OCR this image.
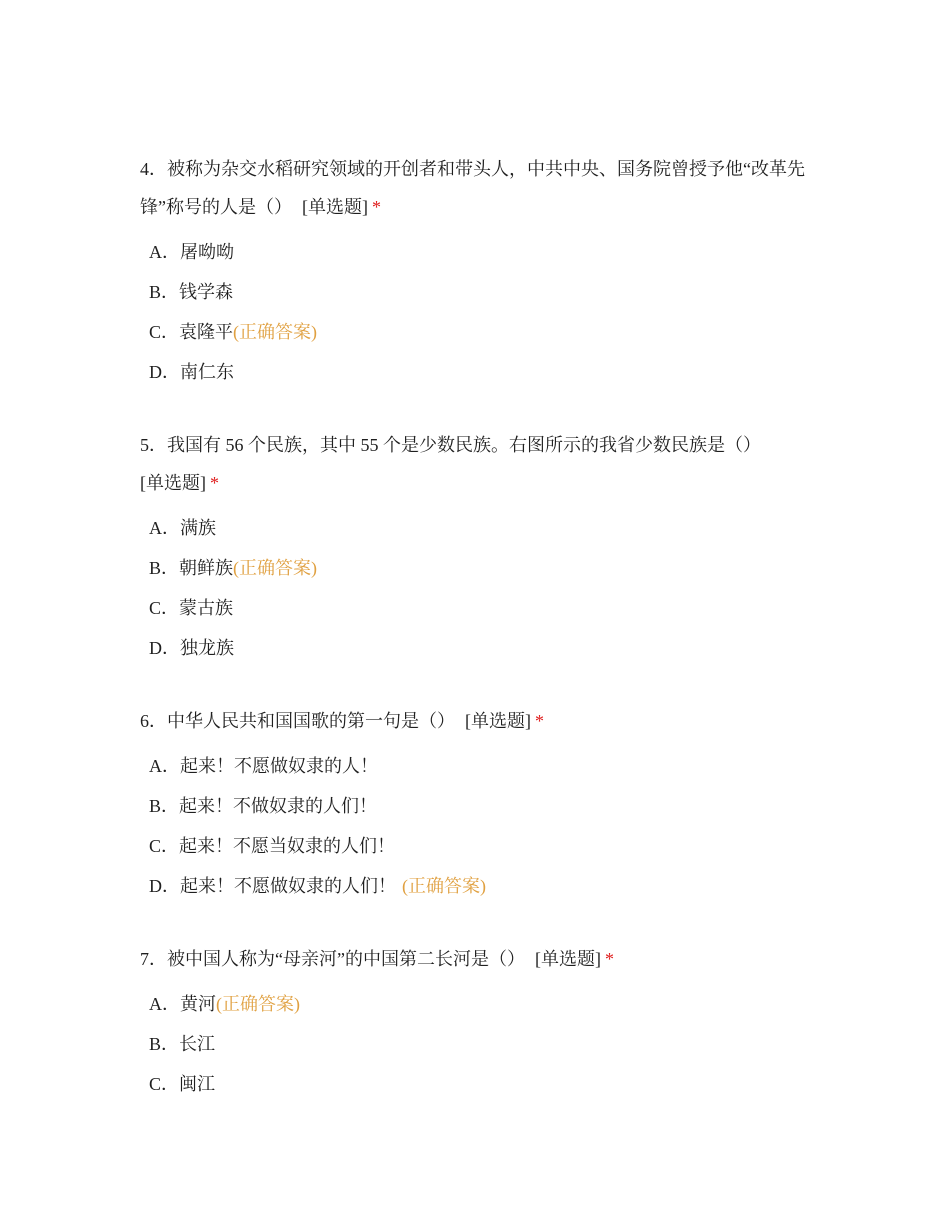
4．被称为杂交水稻研究领域的开创者和带头人，中共中央、国务院曾授予他“改革先锋”称号的人是（） [单选题] *

A．屠呦呦
B．钱学森
C．袁隆平(正确答案)
D．南仁东

5．我国有 56 个民族，其中 55 个是少数民族。右图所示的我省少数民族是（）
[单选题] *

A．满族
B．朝鲜族(正确答案)
C．蒙古族
D．独龙族

6．中华人民共和国国歌的第一句是（） [单选题] *

A．起来！不愿做奴隶的人！
B．起来！不做奴隶的人们！
C．起来！不愿当奴隶的人们！
D．起来！不愿做奴隶的人们！ (正确答案)

7．被中国人称为“母亲河”的中国第二长河是（） [单选题] *

A．黄河(正确答案)
B．长江
C．闽江
